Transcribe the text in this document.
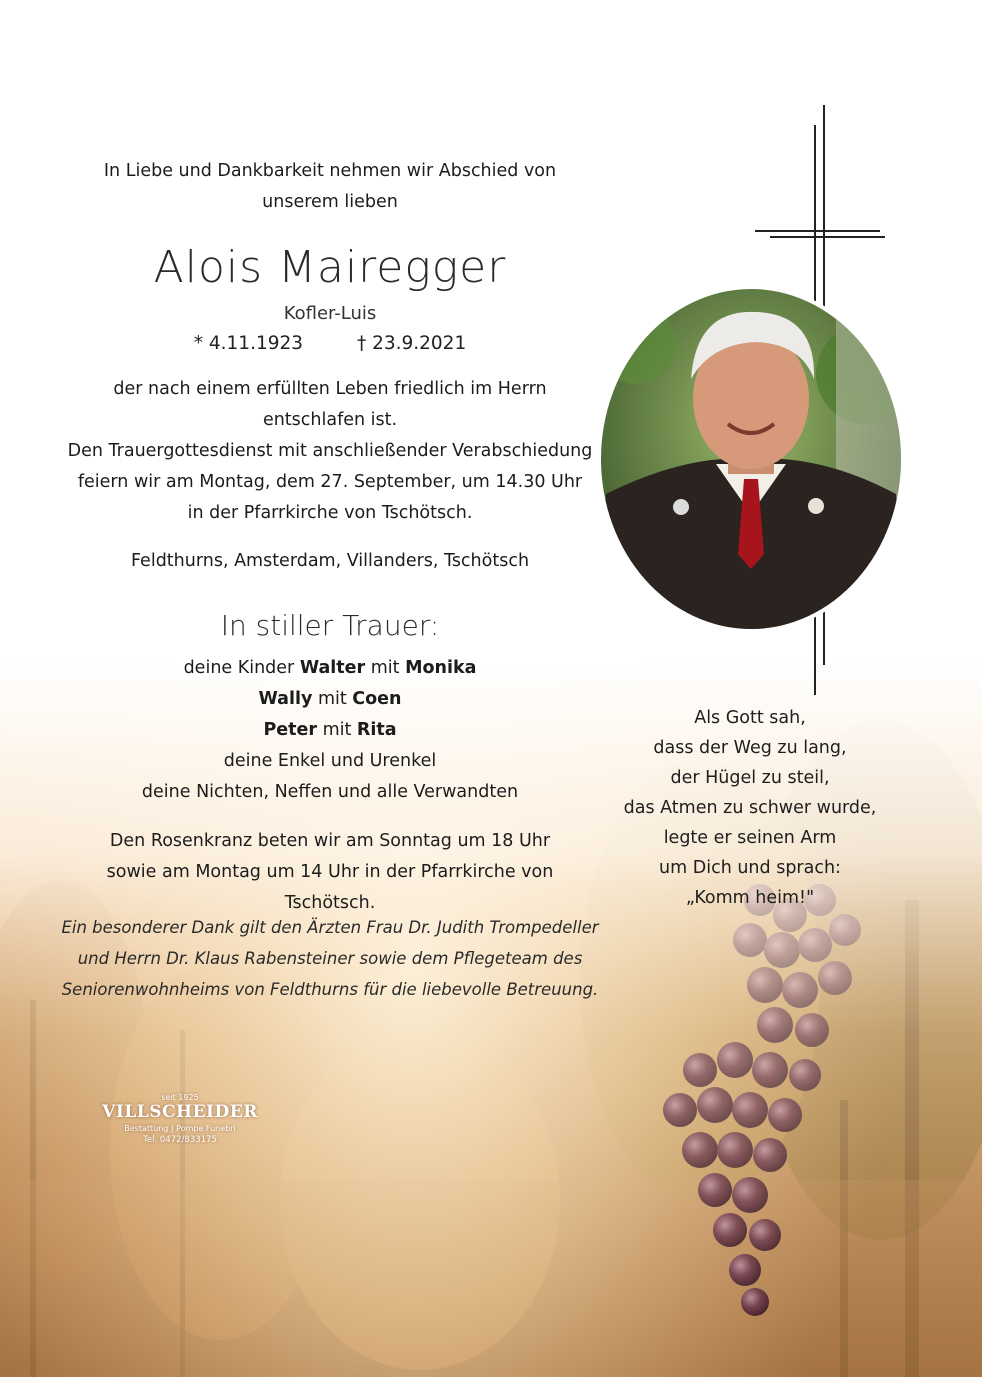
In Liebe und Dankbarkeit nehmen wir Abschied von
unserem lieben
Alois Mairegger
Kofler-Luis
* 4.11.1923	† 23.9.2021
der nach einem erfüllten Leben friedlich im Herrn
entschlafen ist.
Den Trauergottesdienst mit anschließender Verabschiedung
feiern wir am Montag, dem 27. September, um 14.30 Uhr
in der Pfarrkirche von Tschötsch.
Feldthurns, Amsterdam, Villanders, Tschötsch
In stiller Trauer:
deine Kinder Walter mit Monika
Wally mit Coen
Peter mit Rita
deine Enkel und Urenkel
deine Nichten, Neffen und alle Verwandten
Den Rosenkranz beten wir am Sonntag um 18 Uhr
sowie am Montag um 14 Uhr in der Pfarrkirche von Tschötsch.
Ein besonderer Dank gilt den Ärzten Frau Dr. Judith Trompedeller
und Herrn Dr. Klaus Rabensteiner sowie dem Pflegeteam des
Seniorenwohnheims von Feldthurns für die liebevolle Betreuung.
Als Gott sah,
dass der Weg zu lang,
der Hügel zu steil,
das Atmen zu schwer wurde,
legte er seinen Arm
um Dich und sprach:
„Komm heim!"
seit 1925
VILLSCHEIDER
Bestattung | Pompe Funebri
Tel. 0472/833175
